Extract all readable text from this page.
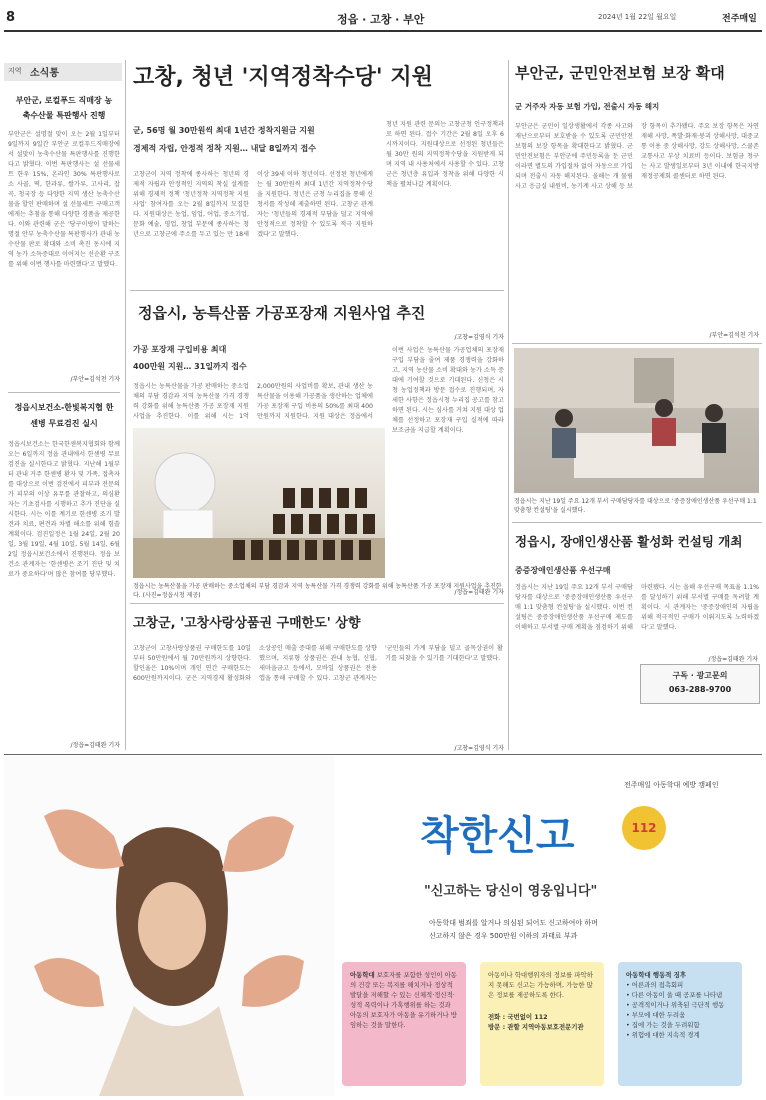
8	정읍 · 고창 · 부안	2024년 1월 22일 월요일	전주매일
지역 소식통
부안군, 로컬푸드 직매장 농축수산물 특판행사 진행
부안군은 설명절 맞이 오는 2월 1일부터 9일까지 9일간 부안군 로컬푸드직매장에서 설맞이 농축수산물 특판행사를 진행한다고 밝혔다. 이번 특판행사는 설 선물세트 한우 15%, 온라인 30% 특판행사로 소 사골, 떡, 한과류, 쌀가루, 고사리, 잡곡, 청국장 등 다양한 지역 생산 농축수산물을 할인 판매하며 설 선물세트 구매고객에게는 추첨을 통해 다양한 경품을 제공한다. 이와 관련해 군은 '당구이랑이 말하는 명절 안부 농축수산물 특판행사가 관내 농수산물 판로 확대와 소비 촉진 동시에 지역 농가 소득증대로 이어지는 선순환 구조를 위해 이번 행사를 마련했다'고 말했다.
/부안=김석천 기자
정읍시보건소-한빛복지협 한센병 무료검진 실시
정읍시보건소는 한국한센복지협회와 함께 오는 6일까지 정읍 관내에서 한센병 무료검진을 실시한다고 밝혔다. 지난해 1월부터 관내 거주 한센병 환자 및 가족, 접촉자를 대상으로 이번 검진에서 피부과 전문의가 피부의 이상 유무를 관찰하고, 의심환자는 기초검사를 시행하고 추가 진단을 실시한다. 시는 이를 계기로 한센병 조기 발견과 치료, 편견과 차별 해소를 위해 힘쓸 계획이다. 검진일정은 1월 24일, 2월 20일, 3월 19일, 4월 10일, 5월 14일, 6월 2일 정읍시보건소에서 진행된다. 정읍 보건소 관계자는 '한센병은 조기 진단 및 치료가 중요하다'며 많은 참여를 당부했다.
/정읍=김태완 기자
고창, 청년 '지역정착수당' 지원
군, 56명 월 30만원씩 최대 1년간 정착지원금 지원
경제적 자립, 안정적 정착 지원… 내달 8일까지 접수
고창군이 지역 정착에 종사하는 청년의 경제적 자립과 안정적인 지역의 착실 설계를 위해 경제적 정책 '청년정착 지역정착 지원사업' 참여자를 오는 2월 8일까지 모집한다. 지원대상은 농업, 임업, 어업, 중소기업, 문화 예술, 영업, 창업 부문에 종사하는 청년으로 고창군에 주소를 두고 있는 만 18세 이상 39세 이하 청년이다. 선정된 청년에게는 월 30만원씩 최대 1년간 지역정착수당을 지원한다. 청년은 군청 누리집을 통해 신청서를 작성해 제출하면 된다. 고창군 관계자는 '청년들의 경제적 부담을 덜고 지역에 안정적으로 정착할 수 있도록 적극 지원하겠다'고 말했다.
청년 지원 관련 문의는 고창군청 인구정책과로 하면 된다. 접수 기간은 2월 8일 오후 6시까지이다. 지원대상으로 선정된 청년들은 월 30만 원의 지역정착수당을 지원받게 되며 지역 내 사용처에서 사용할 수 있다. 고창군은 청년층 유입과 정착을 위해 다양한 시책을 펼쳐나갈 계획이다.
/고창=김영식 기자
부안군, 군민안전보험 보장 확대
군 거주자 자동 보험 가입, 전출시 자동 해지
부안군은 군민이 일상생활에서 각종 사고와 재난으로부터 보호받을 수 있도록 군민안전보험의 보장 항목을 확대한다고 밝혔다. 군민안전보험은 부안군에 주민등록을 둔 군민이라면 별도의 가입절차 없이 자동으로 가입되며 전출시 자동 해지된다. 올해는 개 물림 사고 응급실 내원비, 농기계 사고 상해 등 보장 항목이 추가됐다. 주요 보장 항목은 자연재해 사망, 폭발·화재·붕괴 상해사망, 대중교통 이용 중 상해사망, 강도 상해사망, 스쿨존 교통사고 부상 치료비 등이다. 보험금 청구는 사고 발생일로부터 3년 이내에 한국지방재정공제회 콜센터로 하면 된다.
/부안=김석천 기자
정읍시, 농특산품 가공포장재 지원사업 추진
가공 포장재 구입비용 최대
400만원 지원… 31일까지 접수
정읍시는 농특산물을 가공 판매하는 중소업체의 부담 경감과 지역 농특산물 가격 경쟁력 강화를 위해 농특산품 가공 포장재 지원사업을 추진한다. 이를 위해 시는 1억2,000만원의 사업비를 확보, 관내 생산 농특산물을 이용해 가공품을 생산하는 업체에 가공 포장재 구입 비용의 50%를 최대 400만원까지 지원한다. 지원 대상은 정읍에서
정읍시는 농특산물을 가공 판매하는 중소업체의 부담 경감과 지역 농특산물 가격 경쟁력 강화를 위해 농특산품 가공 포장재 지원사업을 추진한다. (사진=정읍시청 제공)
이번 사업은 농특산물 가공업체의 포장재 구입 부담을 줄여 제품 경쟁력을 강화하고, 지역 농산물 소비 확대와 농가 소득 증대에 기여할 것으로 기대된다. 신청은 시청 농업정책과 방문 접수로 진행되며, 자세한 사항은 정읍시청 누리집 공고를 참고하면 된다. 시는 심사를 거쳐 지원 대상 업체를 선정하고 포장재 구입 실적에 따라 보조금을 지급할 계획이다.
/정읍=김태완 기자
고창군, '고창사랑상품권 구매한도' 상향
고창군이 고창사랑상품권 구매한도를 10일부터 50만원에서 월 70만원까지 상향한다. 할인율은 10%이며 개인 연간 구매한도는 600만원까지이다. 군은 지역경제 활성화와 소상공인 매출 증대를 위해 구매한도를 상향했으며, 지류형 상품권은 관내 농협, 신협, 새마을금고 등에서, 모바일 상품권은 전용 앱을 통해 구매할 수 있다. 고창군 관계자는 '군민들의 가계 부담을 덜고 골목상권이 활기를 되찾을 수 있기를 기대한다'고 말했다.
/고창=김영식 기자
정읍시는 지난 19일 주요 12개 부서 구매담당자를 대상으로 '중증장애인생산품 우선구매 1:1 맞춤형 컨설팅'을 실시했다.
정읍시, 장애인생산품 활성화 컨설팅 개최
중증장애인생산품 우선구매
정읍시는 지난 19일 주요 12개 부서 구매담당자를 대상으로 '중증장애인생산품 우선구매 1:1 맞춤형 컨설팅'을 실시했다. 이번 컨설팅은 중증장애인생산품 우선구매 제도를 이해하고 부서별 구매 계획을 점검하기 위해 마련됐다. 시는 올해 우선구매 목표율 1.1%를 달성하기 위해 부서별 구매를 독려할 계획이다. 시 관계자는 '중증장애인의 자립을 위해 적극적인 구매가 이뤄지도록 노력하겠다'고 말했다.
/정읍=김태완 기자
구독 · 광고문의
063-288-9700
전주매일 아동학대 예방 캠페인
착한신고	112
"신고하는 당신이 영웅입니다"
아동학대 범죄를 알거나 의심된 되어도 신고하여야 하며
신고하지 않은 경우 500만원 이하의 과태료 부과
아동학대 보호자를 포함한 성인이 아동의 건강 또는 복지를 해치거나 정상적 발달을 저해할 수 있는 신체적·정신적·성적 폭력이나 가혹행위를 하는 것과 아동의 보호자가 아동을 유기하거나 방임하는 것을 말한다.
아동이나 학대행위자의 정보를 파악하지 못해도 신고는 가능하며, 가능한 많은 정보를 제공하도록 한다.
전화 : 국번없이 112
방문 : 관할 지역아동보호전문기관
아동학대 행동적 징후
• 어른과의 접촉회피
• 다른 아동이 울 때 공포를 나타냄
• 공격적이거나 위축된 극단적 행동
• 부모에 대한 두려움
• 집에 가는 것을 두려워함
• 위험에 대한 지속적 경계
